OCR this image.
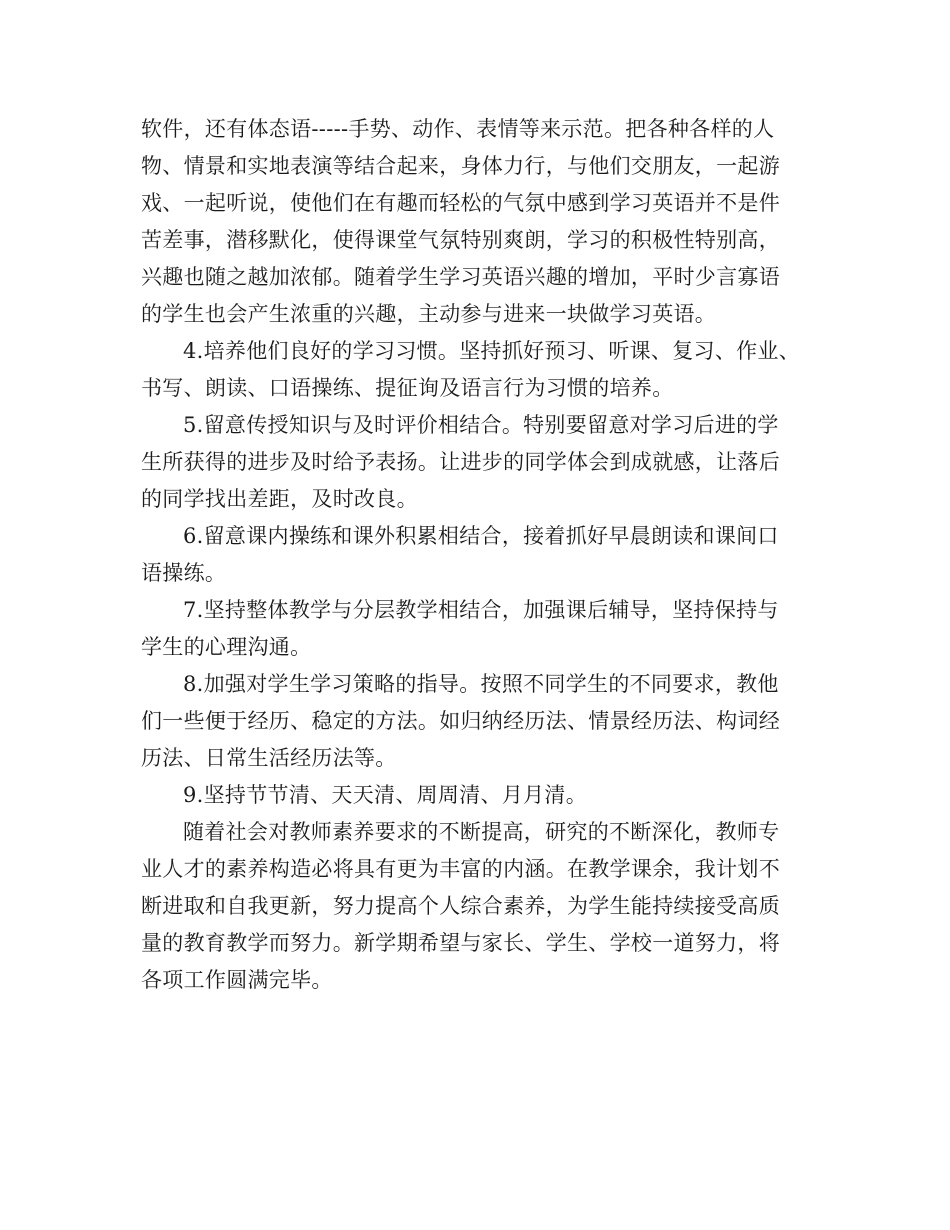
软件，还有体态语-----手势、动作、表情等来示范。把各种各样的人
物、情景和实地表演等结合起来，身体力行，与他们交朋友，一起游
戏、一起听说，使他们在有趣而轻松的气氛中感到学习英语并不是件
苦差事，潜移默化，使得课堂气氛特别爽朗，学习的积极性特别高，
兴趣也随之越加浓郁。随着学生学习英语兴趣的增加，平时少言寡语
的学生也会产生浓重的兴趣，主动参与进来一块做学习英语。
4.培养他们良好的学习习惯。坚持抓好预习、听课、复习、作业、
书写、朗读、口语操练、提征询及语言行为习惯的培养。
5.留意传授知识与及时评价相结合。特别要留意对学习后进的学
生所获得的进步及时给予表扬。让进步的同学体会到成就感，让落后
的同学找出差距，及时改良。
6.留意课内操练和课外积累相结合，接着抓好早晨朗读和课间口
语操练。
7.坚持整体教学与分层教学相结合，加强课后辅导，坚持保持与
学生的心理沟通。
8.加强对学生学习策略的指导。按照不同学生的不同要求，教他
们一些便于经历、稳定的方法。如归纳经历法、情景经历法、构词经
历法、日常生活经历法等。
9.坚持节节清、天天清、周周清、月月清。
随着社会对教师素养要求的不断提高，研究的不断深化，教师专
业人才的素养构造必将具有更为丰富的内涵。在教学课余，我计划不
断进取和自我更新，努力提高个人综合素养，为学生能持续接受高质
量的教育教学而努力。新学期希望与家长、学生、学校一道努力，将
各项工作圆满完毕。
